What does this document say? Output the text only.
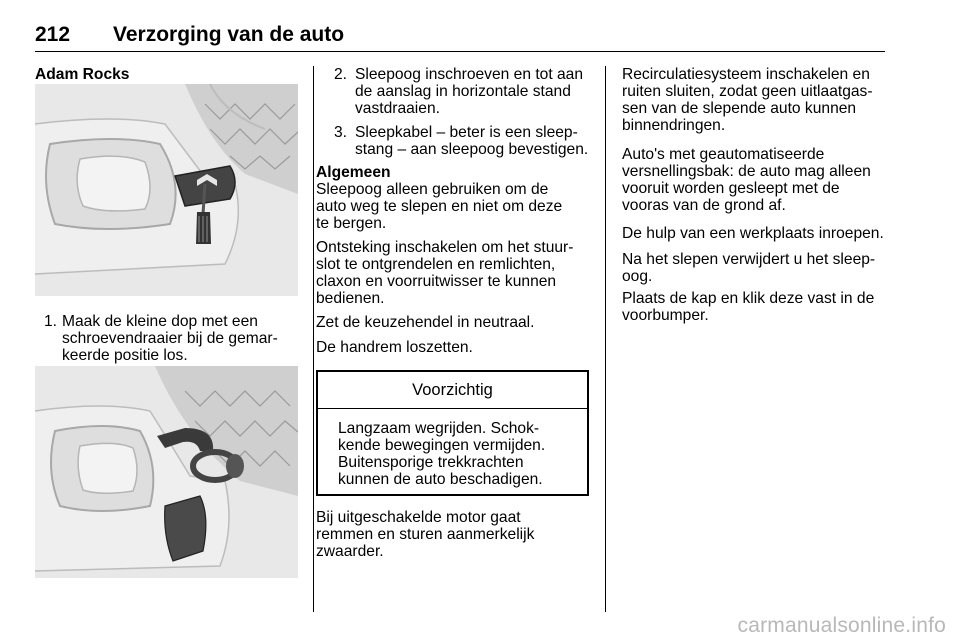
212 Verzorging van de auto
Adam Rocks
1. Maak de kleine dop met een
schroevendraaier bij de gemar-
keerde positie los.
2. Sleepoog inschroeven en tot aan
de aanslag in horizontale stand
vastdraaien.
3. Sleepkabel – beter is een sleep-
stang – aan sleepoog bevestigen.
Algemeen
Sleepoog alleen gebruiken om de
auto weg te slepen en niet om deze
te bergen.
Ontsteking inschakelen om het stuur-
slot te ontgrendelen en remlichten,
claxon en voorruitwisser te kunnen
bedienen.
Zet de keuzehendel in neutraal.
De handrem loszetten.
Voorzichtig
Langzaam wegrijden. Schok-
kende bewegingen vermijden.
Buitensporige trekkrachten
kunnen de auto beschadigen.
Bij uitgeschakelde motor gaat
remmen en sturen aanmerkelijk
zwaarder.
Recirculatiesysteem inschakelen en
ruiten sluiten, zodat geen uitlaatgas-
sen van de slepende auto kunnen
binnendringen.
Auto's met geautomatiseerde
versnellingsbak: de auto mag alleen
vooruit worden gesleept met de
vooras van de grond af.
De hulp van een werkplaats inroepen.
Na het slepen verwijdert u het sleep-
oog.
Plaats de kap en klik deze vast in de
voorbumper.
carmanualsonline.info
